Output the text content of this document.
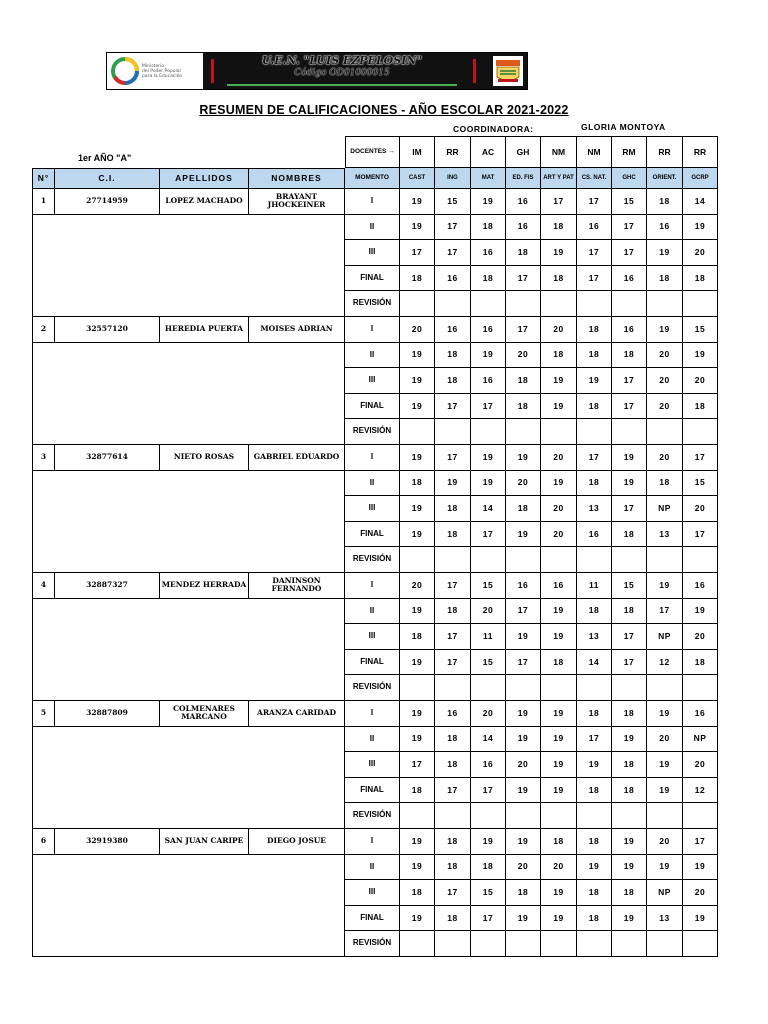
Ministerio
del Poder Popular
para la Educación
U.E.N. "LUIS EZPELOSIN"
Código OD01000015
RESUMEN DE CALIFICACIONES - AÑO ESCOLAR 2021-2022
COORDINADORA:	GLORIA MONTOYA
1er AÑO "A"
DOCENTES →	IM	RR	AC	GH	NM	NM	RM	RR	RR
N°	C.I.	APELLIDOS	NOMBRES	MOMENTO	CAST	ING	MAT	ED. FIS	ART Y PAT	CS. NAT.	GHC	ORIENT.	GCRP
1	27714959	LOPEZ MACHADO	BRAYANT JHOCKEINER	I	19	15	19	16	17	17	15	18	14
II	19	17	18	16	18	16	17	16	19
III	17	17	16	18	19	17	17	19	20
FINAL	18	16	18	17	18	17	16	18	18
REVISIÓN
2	32557120	HEREDIA PUERTA	MOISES ADRIAN	I	20	16	16	17	20	18	16	19	15
II	19	18	19	20	18	18	18	20	19
III	19	18	16	18	19	19	17	20	20
FINAL	19	17	17	18	19	18	17	20	18
REVISIÓN
3	32877614	NIETO ROSAS	GABRIEL EDUARDO	I	19	17	19	19	20	17	19	20	17
II	18	19	19	20	19	18	19	18	15
III	19	18	14	18	20	13	17	NP	20
FINAL	19	18	17	19	20	16	18	13	17
REVISIÓN
4	32887327	MENDEZ HERRADA	DANINSON FERNANDO	I	20	17	15	16	16	11	15	19	16
II	19	18	20	17	19	18	18	17	19
III	18	17	11	19	19	13	17	NP	20
FINAL	19	17	15	17	18	14	17	12	18
REVISIÓN
5	32887809	COLMENARES MARCANO	ARANZA CARIDAD	I	19	16	20	19	19	18	18	19	16
II	19	18	14	19	19	17	19	20	NP
III	17	18	16	20	19	19	18	19	20
FINAL	18	17	17	19	19	18	18	19	12
REVISIÓN
6	32919380	SAN JUAN CARIPE	DIEGO JOSUE	I	19	18	19	19	18	18	19	20	17
II	19	18	18	20	20	19	19	19	19
III	18	17	15	18	19	18	18	NP	20
FINAL	19	18	17	19	19	18	19	13	19
REVISIÓN
